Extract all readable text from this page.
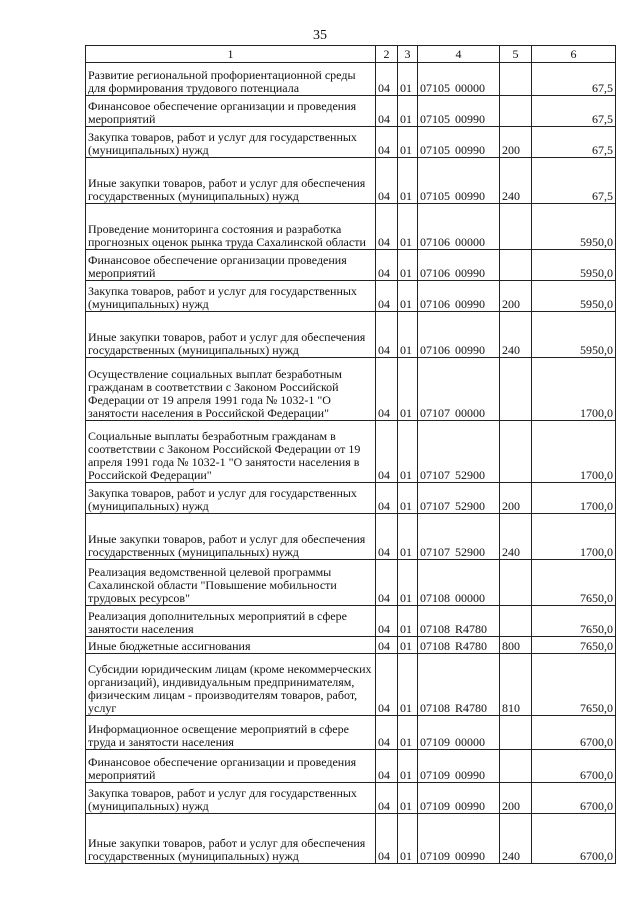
35
1	2	3	4	5	6
Развитие региональной профориентационной среды для формирования трудового потенциала	04	01	07105 00000		67,5
Финансовое обеспечение организации и проведения мероприятий	04	01	07105 00990		67,5
Закупка товаров, работ и услуг для государственных (муниципальных) нужд	04	01	07105 00990	200	67,5
Иные закупки товаров, работ и услуг для обеспечения государственных (муниципальных) нужд	04	01	07105 00990	240	67,5
Проведение мониторинга состояния и разработка прогнозных оценок рынка труда Сахалинской области	04	01	07106 00000		5950,0
Финансовое обеспечение организации проведения мероприятий	04	01	07106 00990		5950,0
Закупка товаров, работ и услуг для государственных (муниципальных) нужд	04	01	07106 00990	200	5950,0
Иные закупки товаров, работ и услуг для обеспечения государственных (муниципальных) нужд	04	01	07106 00990	240	5950,0
Осуществление социальных выплат безработным гражданам в соответствии с Законом Российской Федерации от 19 апреля 1991 года № 1032-1 "О занятости населения в Российской Федерации"	04	01	07107 00000		1700,0
Социальные выплаты безработным гражданам в соответствии с Законом Российской Федерации от 19 апреля 1991 года № 1032-1 "О занятости населения в Российской Федерации"	04	01	07107 52900		1700,0
Закупка товаров, работ и услуг для государственных (муниципальных) нужд	04	01	07107 52900	200	1700,0
Иные закупки товаров, работ и услуг для обеспечения государственных (муниципальных) нужд	04	01	07107 52900	240	1700,0
Реализация ведомственной целевой программы Сахалинской области "Повышение мобильности трудовых ресурсов"	04	01	07108 00000		7650,0
Реализация дополнительных мероприятий в сфере занятости населения	04	01	07108 R4780		7650,0
Иные бюджетные ассигнования	04	01	07108 R4780	800	7650,0
Субсидии юридическим лицам (кроме некоммерческих организаций), индивидуальным предпринимателям, физическим лицам - производителям товаров, работ, услуг	04	01	07108 R4780	810	7650,0
Информационное освещение мероприятий в сфере труда и занятости населения	04	01	07109 00000		6700,0
Финансовое обеспечение организации и проведения мероприятий	04	01	07109 00990		6700,0
Закупка товаров, работ и услуг для государственных (муниципальных) нужд	04	01	07109 00990	200	6700,0
Иные закупки товаров, работ и услуг для обеспечения государственных (муниципальных) нужд	04	01	07109 00990	240	6700,0
